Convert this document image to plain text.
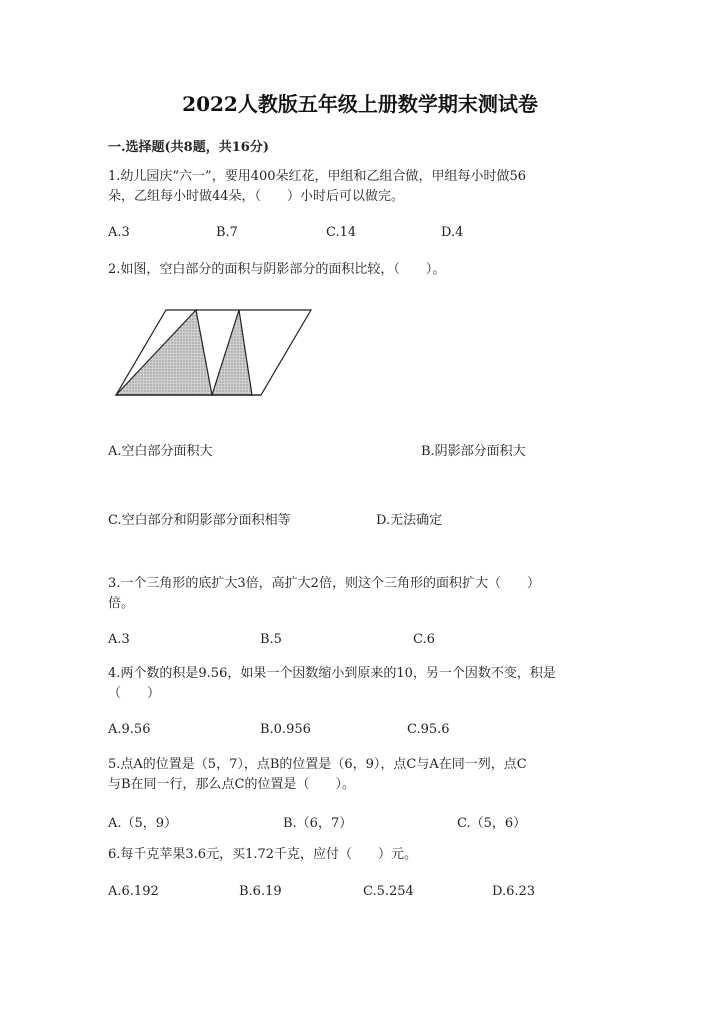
2022人教版五年级上册数学期末测试卷
一.选择题(共8题，共16分)
1.幼儿园庆“六一”，要用400朵红花，甲组和乙组合做，甲组每小时做56
朵，乙组每小时做44朵，（　　）小时后可以做完。
A.3	B.7	C.14	D.4
2.如图，空白部分的面积与阴影部分的面积比较，（　　）。
A.空白部分面积大	B.阴影部分面积大
C.空白部分和阴影部分面积相等	D.无法确定
3.一个三角形的底扩大3倍，高扩大2倍，则这个三角形的面积扩大（　　）
倍。
A.3	B.5	C.6
4.两个数的积是9.56，如果一个因数缩小到原来的10，另一个因数不变，积是
（　　）
A.9.56	B.0.956	C.95.6
5.点A的位置是（5，7），点B的位置是（6，9），点C与A在同一列，点C
与B在同一行，那么点C的位置是（　　）。
A.（5，9）	B.（6，7）	C.（5，6）
6.每千克苹果3.6元，买1.72千克，应付（　　）元。
A.6.192	B.6.19	C.5.254	D.6.23
